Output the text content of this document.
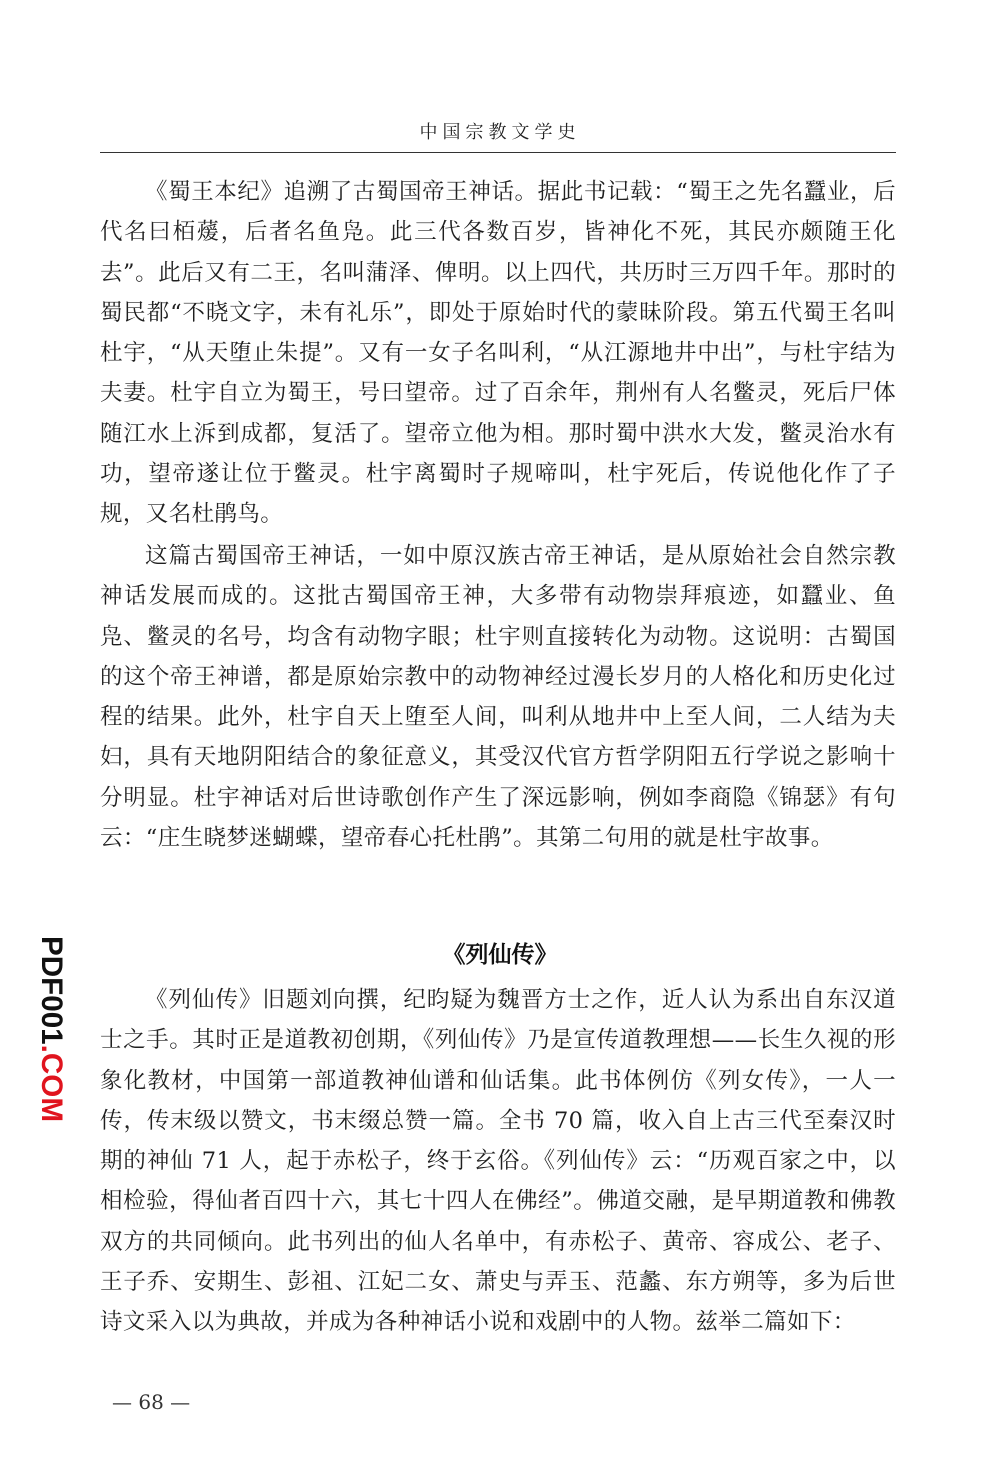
中国宗教文学史

《蜀王本纪》追溯了古蜀国帝王神话。据此书记载：“蜀王之先名蠶业，后代名曰栢蕿，后者名鱼凫。此三代各数百岁，皆神化不死，其民亦颇随王化去”。此后又有二王，名叫蒲泽、俾明。以上四代，共历时三万四千年。那时的蜀民都“不晓文字，未有礼乐”，即处于原始时代的蒙昧阶段。第五代蜀王名叫杜宇，“从天堕止朱提”。又有一女子名叫利，“从江源地井中出”，与杜宇结为夫妻。杜宇自立为蜀王，号曰望帝。过了百余年，荆州有人名鳖灵，死后尸体随江水上泝到成都，复活了。望帝立他为相。那时蜀中洪水大发，鳖灵治水有功，望帝遂让位于鳖灵。杜宇离蜀时子规啼叫，杜宇死后，传说他化作了子规，又名杜鹃鸟。

这篇古蜀国帝王神话，一如中原汉族古帝王神话，是从原始社会自然宗教神话发展而成的。这批古蜀国帝王神，大多带有动物崇拜痕迹，如蠶业、鱼凫、鳖灵的名号，均含有动物字眼；杜宇则直接转化为动物。这说明：古蜀国的这个帝王神谱，都是原始宗教中的动物神经过漫长岁月的人格化和历史化过程的结果。此外，杜宇自天上堕至人间，叫利从地井中上至人间，二人结为夫妇，具有天地阴阳结合的象征意义，其受汉代官方哲学阴阳五行学说之影响十分明显。杜宇神话对后世诗歌创作产生了深远影响，例如李商隐《锦瑟》有句云：“庄生晓梦迷蝴蝶，望帝春心托杜鹃”。其第二句用的就是杜宇故事。

《列仙传》

《列仙传》旧题刘向撰，纪昀疑为魏晋方士之作，近人认为系出自东汉道士之手。其时正是道教初创期，《列仙传》乃是宣传道教理想——长生久视的形象化教材，中国第一部道教神仙谱和仙话集。此书体例仿《列女传》，一人一传，传末级以赞文，书末缀总赞一篇。全书 70 篇，收入自上古三代至秦汉时期的神仙 71 人，起于赤松子，终于玄俗。《列仙传》云：“历观百家之中，以相检验，得仙者百四十六，其七十四人在佛经”。佛道交融，是早期道教和佛教双方的共同倾向。此书列出的仙人名单中，有赤松子、黄帝、容成公、老子、王子乔、安期生、彭祖、江妃二女、萧史与弄玉、范蠡、东方朔等，多为后世诗文采入以为典故，并成为各种神话小说和戏剧中的人物。兹举二篇如下：

— 68 —
PDF001.COM
